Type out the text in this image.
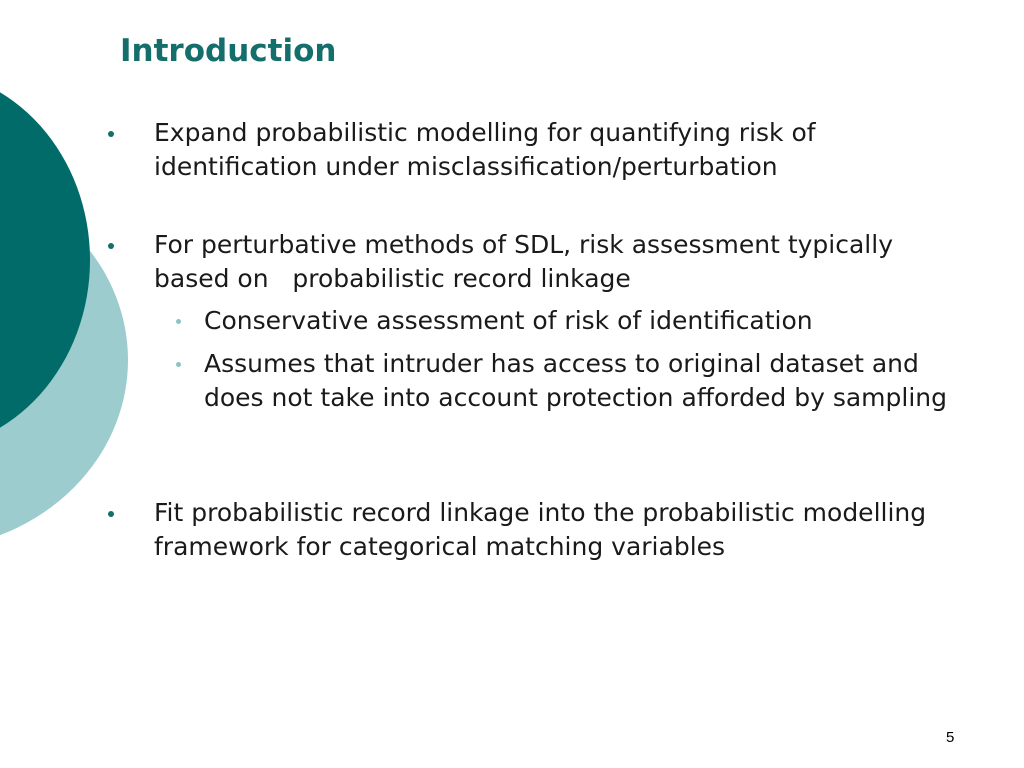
Introduction
Expand probabilistic modelling for quantifying risk of identification under misclassification/perturbation
For perturbative methods of SDL, risk assessment typically based on   probabilistic record linkage
Conservative assessment of risk of identification
Assumes that intruder has access to original dataset and does not take into account protection afforded by sampling
Fit probabilistic record linkage into the probabilistic modelling framework for categorical matching variables
5
